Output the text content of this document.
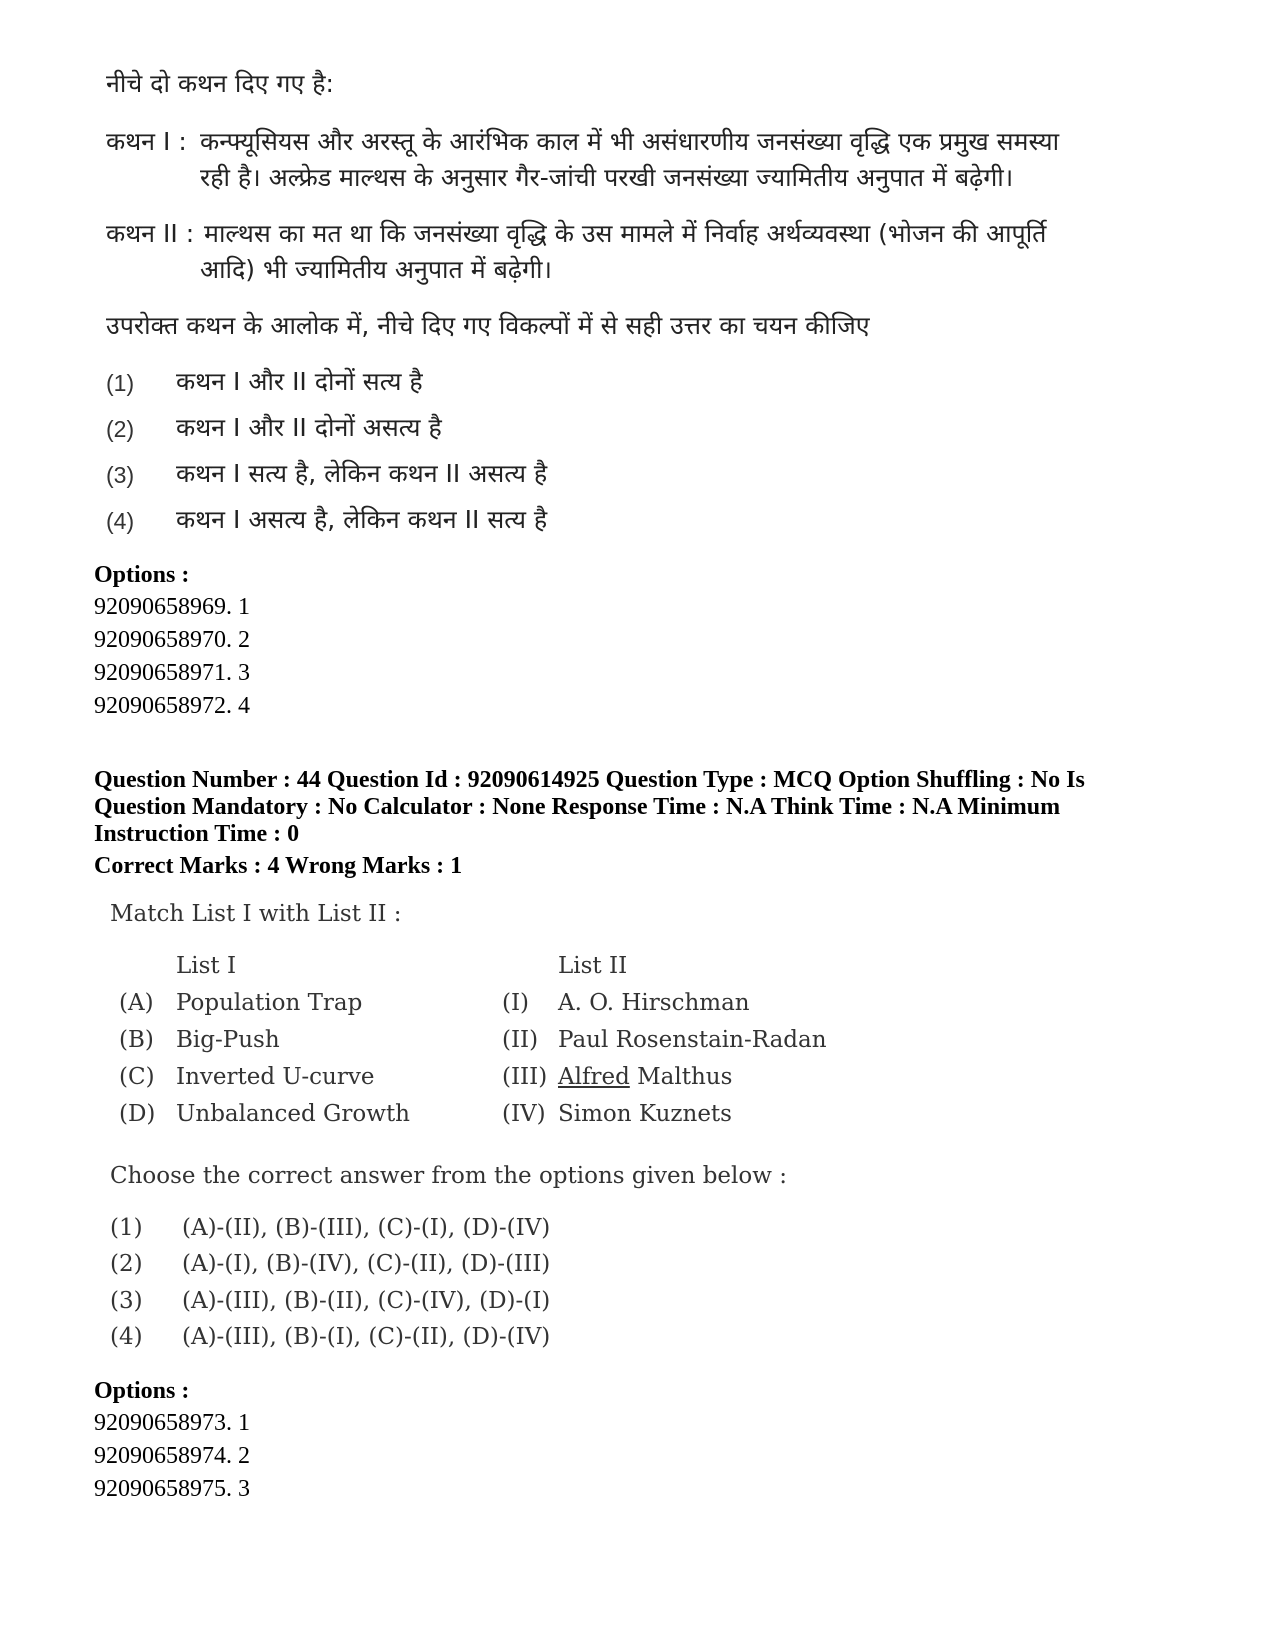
नीचे दो कथन दिए गए है:
कथन I : कन्फ्यूसियस और अरस्तू के आरंभिक काल में भी असंधारणीय जनसंख्या वृद्धि एक प्रमुख समस्या
रही है। अल्फ्रेड माल्थस के अनुसार गैर-जांची परखी जनसंख्या ज्यामितीय अनुपात में बढ़ेगी।
कथन II : माल्थस का मत था कि जनसंख्या वृद्धि के उस मामले में निर्वाह अर्थव्यवस्था (भोजन की आपूर्ति
आदि) भी ज्यामितीय अनुपात में बढ़ेगी।
उपरोक्त कथन के आलोक में, नीचे दिए गए विकल्पों में से सही उत्तर का चयन कीजिए
(1) कथन I और II दोनों सत्य है
(2) कथन I और II दोनों असत्य है
(3) कथन I सत्य है, लेकिन कथन II असत्य है
(4) कथन I असत्य है, लेकिन कथन II सत्य है
Options :
92090658969. 1
92090658970. 2
92090658971. 3
92090658972. 4
Question Number : 44 Question Id : 92090614925 Question Type : MCQ Option Shuffling : No Is
Question Mandatory : No Calculator : None Response Time : N.A Think Time : N.A Minimum
Instruction Time : 0
Correct Marks : 4 Wrong Marks : 1
Match List I with List II :
List I	List II
(A) Population Trap	(I) A. O. Hirschman
(B) Big-Push	(II) Paul Rosenstain-Radan
(C) Inverted U-curve	(III) Alfred Malthus
(D) Unbalanced Growth	(IV) Simon Kuznets
Choose the correct answer from the options given below :
(1) (A)-(II), (B)-(III), (C)-(I), (D)-(IV)
(2) (A)-(I), (B)-(IV), (C)-(II), (D)-(III)
(3) (A)-(III), (B)-(II), (C)-(IV), (D)-(I)
(4) (A)-(III), (B)-(I), (C)-(II), (D)-(IV)
Options :
92090658973. 1
92090658974. 2
92090658975. 3
